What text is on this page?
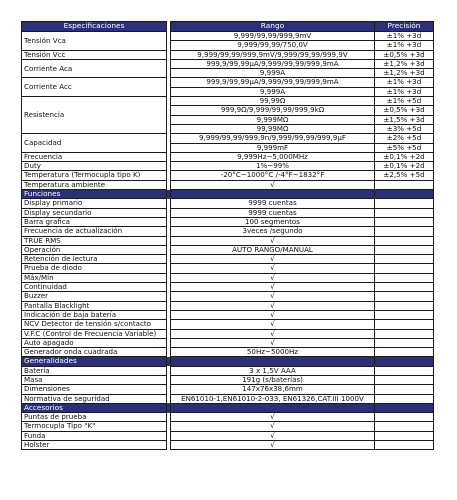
Especificaciones		Rango	Precisión
Tensión Vca		9,999/99,99/999,9mV	±1% +3d
		9,999/99,99/750,0V	±1% +3d
Tensión Vcc		9,999/99,99/999,9mV/9,999/99,99/999,9V	±0,5% +3d
Corriente Aca		999,9/99,99µA/9,999/99,99/999,9mA	±1,2% +3d
		9,999A	±1,2% +3d
Corriente Acc		999,9/99,99µA/9,999/99,99/999,9mA	±1% +3d
		9,999A	±1% +3d
Resistencia		99,99Ω	±1% +5d
		999,9Ω/9,999/99,99/999,9kΩ	±0,5% +3d
		9,999MΩ	±1,5% +3d
		99,99MΩ	±3% +5d
Capacidad		9,999/99,99/999,9n/9,999/99,99/999,9µF	±2% +5d
		9,999mF	±5% +5d
Frecuencia		9,999Hz~5,000MHz	±0,1% +2d
Duty		1%~99%	±0,1% +2d
Temperatura (Termocupla tipo K)		-20°C~1000°C /-4°F~1832°F	±2,5% +5d
Temperatura ambiente		√	
Funciones			
Display primario		9999 cuentas	
Display secundario		9999 cuentas	
Barra grafica		100 segmentos	
Frecuencia de actualización		3veces /segundo	
TRUE RMS		√	
Operación		AUTO RANGO/MANUAL	
Retención de lectura		√	
Prueba de diodo		√	
Máx/Mín		√	
Continuidad		√	
Buzzer		√	
Pantalla Blacklight		√	
Indicación de baja batería		√	
NCV Detector de tensión s/contacto		√	
V.F.C (Control de Frecuencia Variable)		√	
Auto apagado		√	
Generador onda cuadrada		50Hz~5000Hz	
Generalidades			
Batería		3 x 1,5V AAA	
Masa		191g (s/baterías)	
Dimensiones		147x76x38,6mm	
Normativa de seguridad		EN61010-1,EN61010-2-033, EN61326,CAT.III 1000V	
Accesorios			
Puntas de prueba		√	
Termocupla Tipo "K"		√	
Funda		√	
Holster		√	
